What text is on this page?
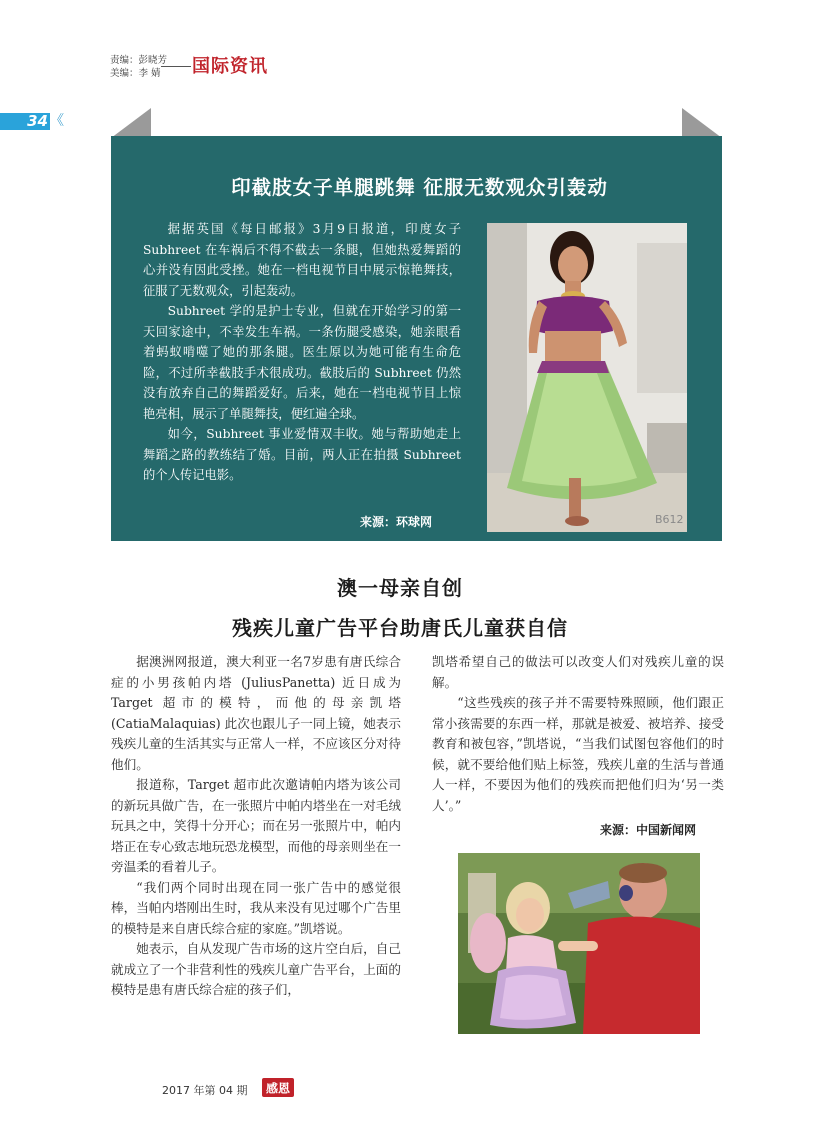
责编：彭晓芳
美编：李 婧	国际资讯
34 《
印截肢女子单腿跳舞 征服无数观众引轰动

据据英国《每日邮报》3月9日报道，印度女子 Subhreet 在车祸后不得不截去一条腿，但她热爱舞蹈的心并没有因此受挫。她在一档电视节目中展示惊艳舞技，征服了无数观众，引起轰动。

Subhreet 学的是护士专业，但就在开始学习的第一天回家途中，不幸发生车祸。一条伤腿受感染，她亲眼看着蚂蚁啃噬了她的那条腿。医生原以为她可能有生命危险，不过所幸截肢手术很成功。截肢后的 Subhreet 仍然没有放弃自己的舞蹈爱好。后来，她在一档电视节目上惊艳亮相，展示了单腿舞技，便红遍全球。

如今，Subhreet 事业爱情双丰收。她与帮助她走上舞蹈之路的教练结了婚。目前，两人正在拍摄 Subhreet 的个人传记电影。

来源：环球网	B612
澳一母亲自创
残疾儿童广告平台助唐氏儿童获自信

据澳洲网报道，澳大利亚一名7岁患有唐氏综合症的小男孩帕内塔 (JuliusPanetta) 近日成为 Target 超市的模特，而他的母亲凯塔 (CatiaMalaquias) 此次也跟儿子一同上镜，她表示残疾儿童的生活其实与正常人一样，不应该区分对待他们。

报道称，Target 超市此次邀请帕内塔为该公司的新玩具做广告，在一张照片中帕内塔坐在一对毛绒玩具之中，笑得十分开心；而在另一张照片中，帕内塔正在专心致志地玩恐龙模型，而他的母亲则坐在一旁温柔的看着儿子。

“我们两个同时出现在同一张广告中的感觉很棒，当帕内塔刚出生时，我从来没有见过哪个广告里的模特是来自唐氏综合症的家庭。”凯塔说。

她表示，自从发现广告市场的这片空白后，自己就成立了一个非营利性的残疾儿童广告平台，上面的模特是患有唐氏综合症的孩子们，

凯塔希望自己的做法可以改变人们对残疾儿童的误解。

“这些残疾的孩子并不需要特殊照顾，他们跟正常小孩需要的东西一样，那就是被爱、被培养、接受教育和被包容，”凯塔说，“当我们试图包容他们的时候，就不要给他们贴上标签，残疾儿童的生活与普通人一样，不要因为他们的残疾而把他们归为‘另一类人’。”

来源：中国新闻网
2017 年第 04 期 感恩
